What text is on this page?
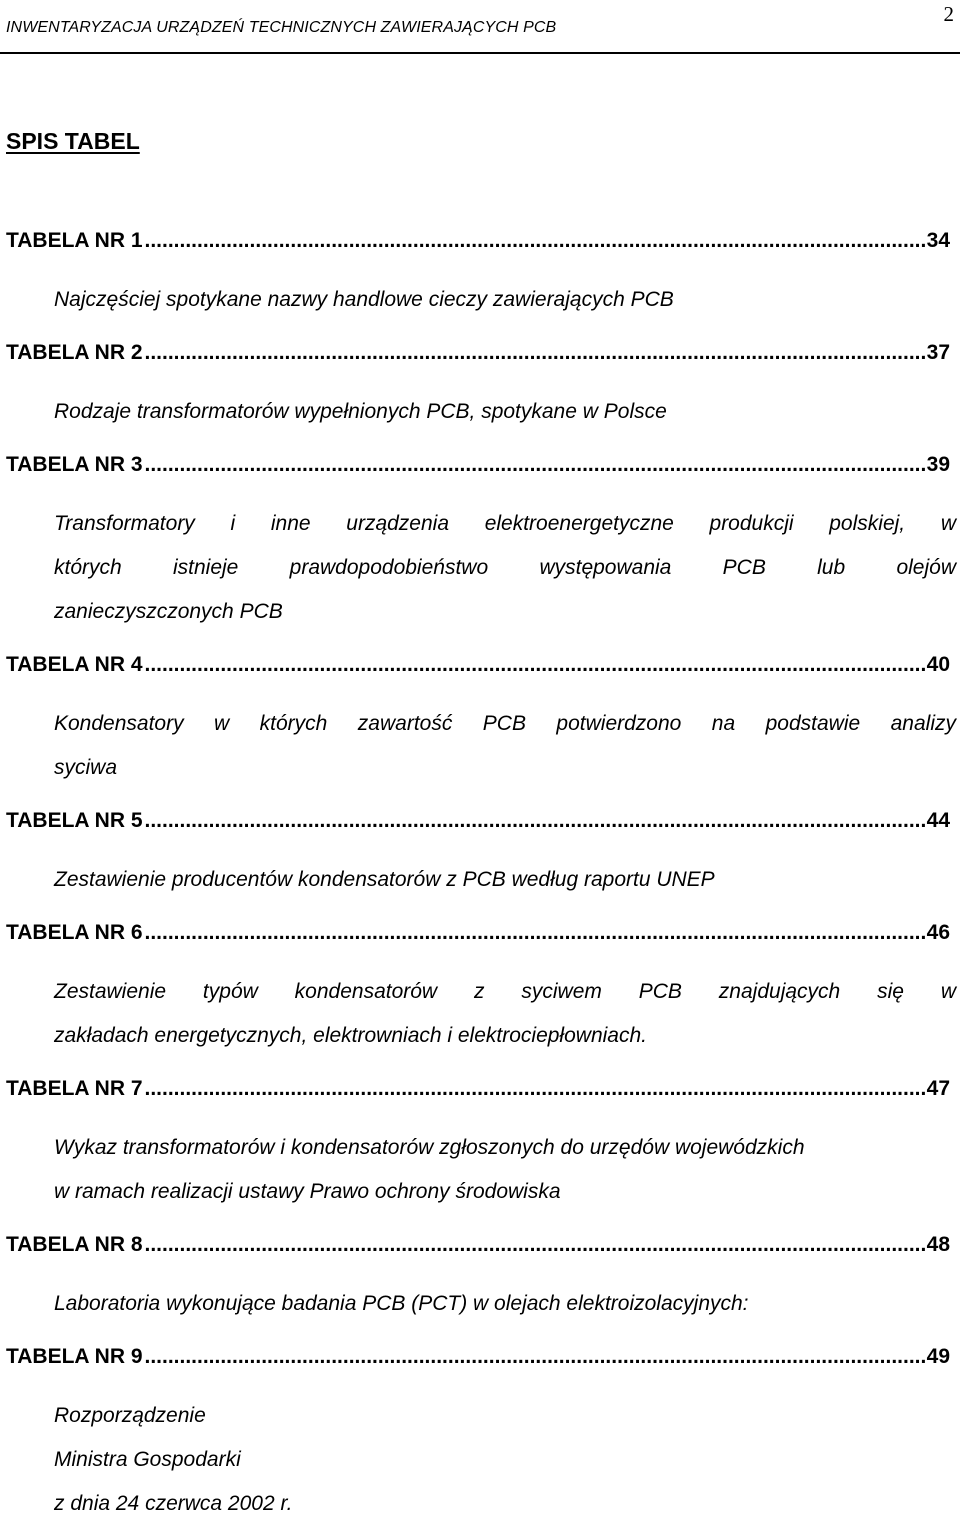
INWENTARYZACJA URZĄDZEŃ TECHNICZNYCH ZAWIERAJĄCYCH PCB
2
SPIS TABEL
TABELA NR 1 .....	34
Najczęściej spotykane nazwy handlowe cieczy zawierających PCB
TABELA NR 2 .....	37
Rodzaje transformatorów wypełnionych PCB, spotykane w Polsce
TABELA NR 3 .....	39
Transformatory i inne urządzenia elektroenergetyczne produkcji polskiej, w
których istnieje prawdopodobieństwo występowania PCB lub olejów
zanieczyszczonych PCB
TABELA NR 4 .....	40
Kondensatory w których zawartość PCB potwierdzono na podstawie analizy
syciwa
TABELA NR 5 .....	44
Zestawienie producentów kondensatorów z PCB według raportu UNEP
TABELA NR 6 .....	46
Zestawienie typów kondensatorów z syciwem PCB znajdujących się w
zakładach energetycznych, elektrowniach i elektrociepłowniach.
TABELA NR 7 .....	47
Wykaz transformatorów i kondensatorów zgłoszonych do urzędów wojewódzkich
w ramach realizacji ustawy Prawo ochrony środowiska
TABELA NR 8 .....	48
Laboratoria wykonujące badania PCB (PCT) w olejach elektroizolacyjnych:
TABELA NR 9 .....	49
Rozporządzenie
Ministra Gospodarki
z dnia 24 czerwca 2002 r.
